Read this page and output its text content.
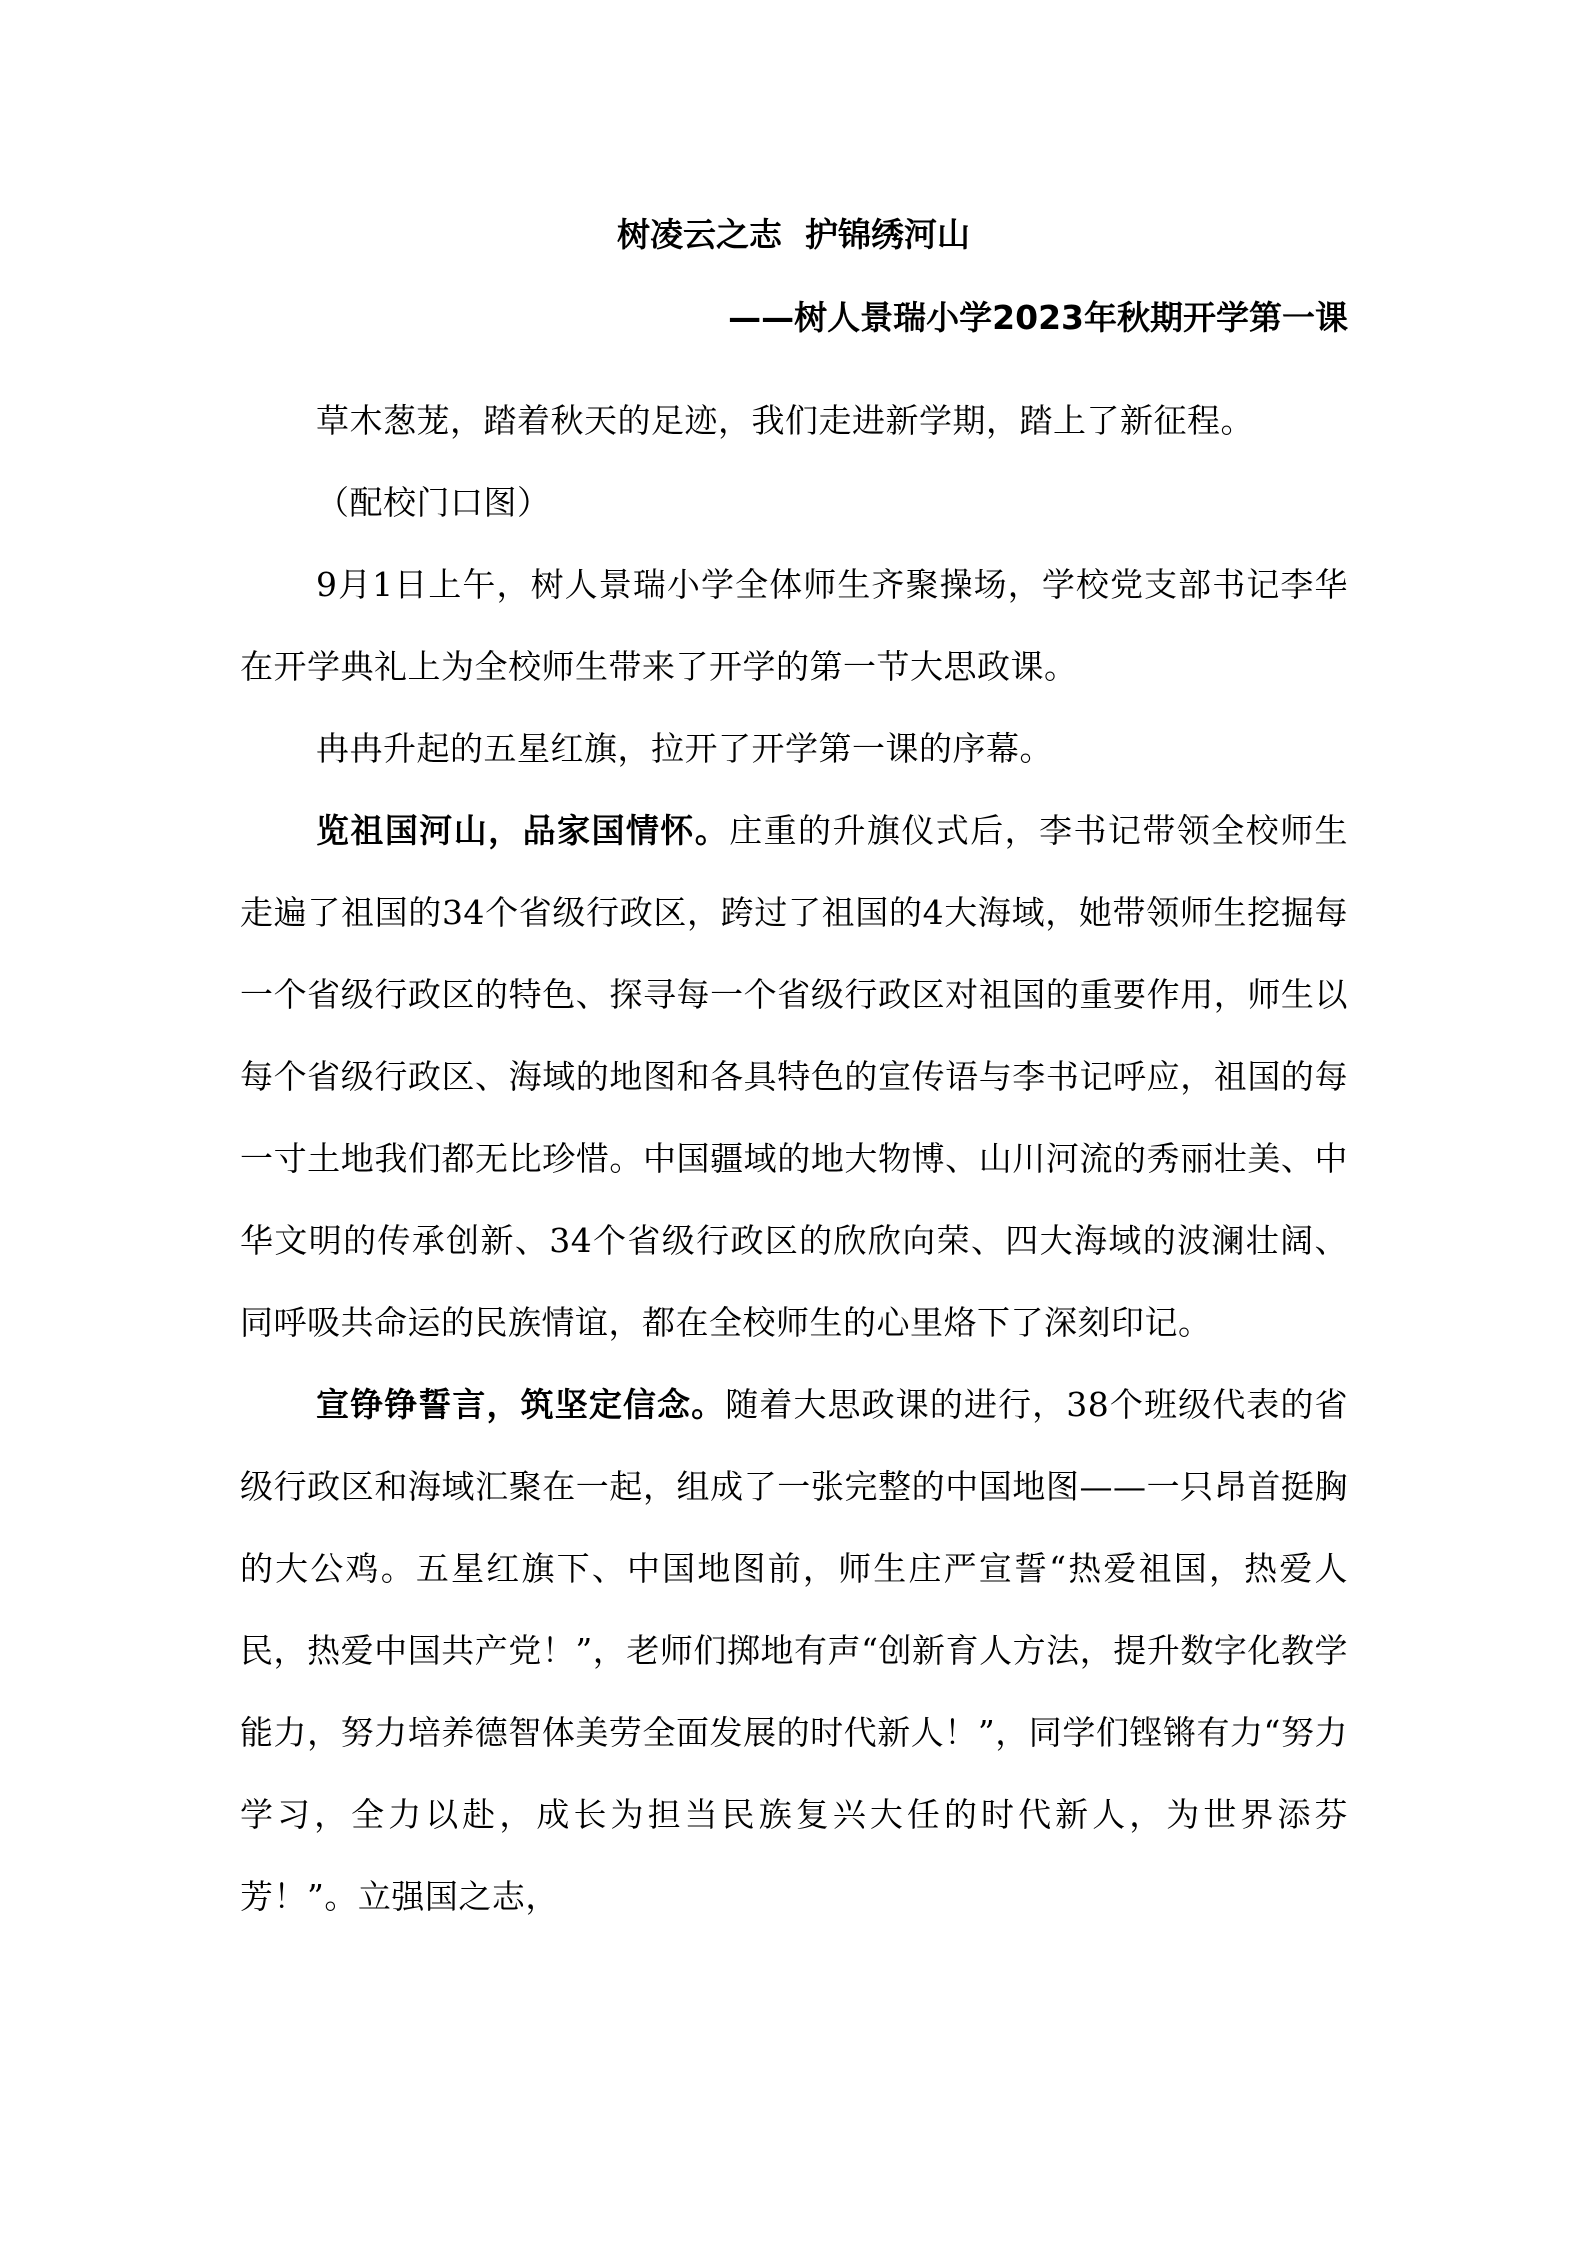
树凌云之志  护锦绣河山
——树人景瑞小学2023年秋期开学第一课

草木葱茏，踏着秋天的足迹，我们走进新学期，踏上了新征程。

（配校门口图）

9月1日上午，树人景瑞小学全体师生齐聚操场，学校党支部书记李华在开学典礼上为全校师生带来了开学的第一节大思政课。

冉冉升起的五星红旗，拉开了开学第一课的序幕。

览祖国河山，品家国情怀。庄重的升旗仪式后，李书记带领全校师生走遍了祖国的34个省级行政区，跨过了祖国的4大海域，她带领师生挖掘每一个省级行政区的特色、探寻每一个省级行政区对祖国的重要作用，师生以每个省级行政区、海域的地图和各具特色的宣传语与李书记呼应，祖国的每一寸土地我们都无比珍惜。中国疆域的地大物博、山川河流的秀丽壮美、中华文明的传承创新、34个省级行政区的欣欣向荣、四大海域的波澜壮阔、同呼吸共命运的民族情谊，都在全校师生的心里烙下了深刻印记。

宣铮铮誓言，筑坚定信念。随着大思政课的进行，38个班级代表的省级行政区和海域汇聚在一起，组成了一张完整的中国地图——一只昂首挺胸的大公鸡。五星红旗下、中国地图前，师生庄严宣誓“热爱祖国，热爱人民，热爱中国共产党！”，老师们掷地有声“创新育人方法，提升数字化教学能力，努力培养德智体美劳全面发展的时代新人！”，同学们铿锵有力“努力学习，全力以赴，成长为担当民族复兴大任的时代新人，为世界添芬芳！”。立强国之志，
